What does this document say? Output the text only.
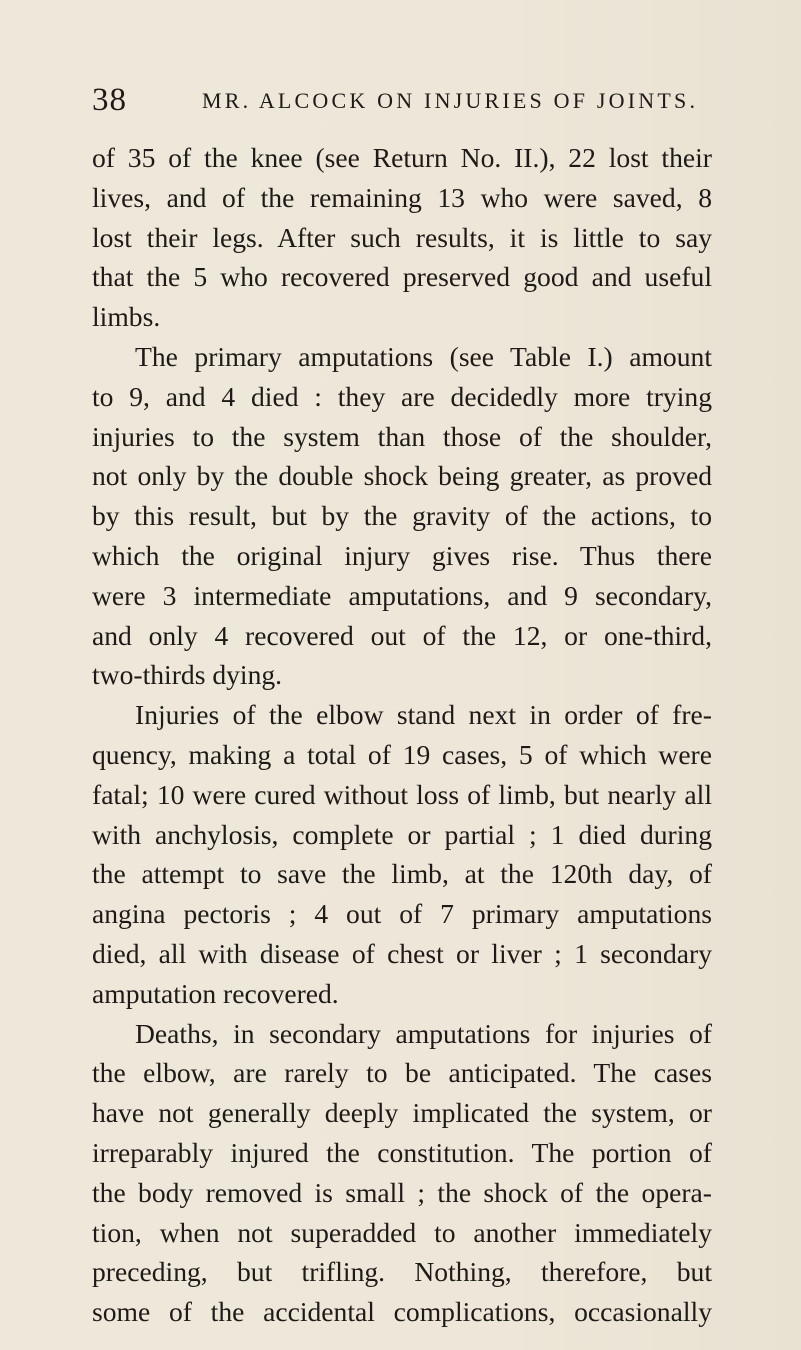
38	MR. ALCOCK ON INJURIES OF JOINTS.
of 35 of the knee (see Return No. II.), 22 lost their
lives, and of the remaining 13 who were saved, 8
lost their legs. After such results, it is little to say
that the 5 who recovered preserved good and useful
limbs.
The primary amputations (see Table I.) amount
to 9, and 4 died : they are decidedly more trying
injuries to the system than those of the shoulder,
not only by the double shock being greater, as proved
by this result, but by the gravity of the actions, to
which the original injury gives rise. Thus there
were 3 intermediate amputations, and 9 secondary,
and only 4 recovered out of the 12, or one-third,
two-thirds dying.
Injuries of the elbow stand next in order of fre-
quency, making a total of 19 cases, 5 of which were
fatal; 10 were cured without loss of limb, but nearly all
with anchylosis, complete or partial ; 1 died during
the attempt to save the limb, at the 120th day, of
angina pectoris ; 4 out of 7 primary amputations
died, all with disease of chest or liver ; 1 secondary
amputation recovered.
Deaths, in secondary amputations for injuries of
the elbow, are rarely to be anticipated. The cases
have not generally deeply implicated the system, or
irreparably injured the constitution. The portion of
the body removed is small ; the shock of the opera-
tion, when not superadded to another immediately
preceding, but trifling. Nothing, therefore, but
some of the accidental complications, occasionally
